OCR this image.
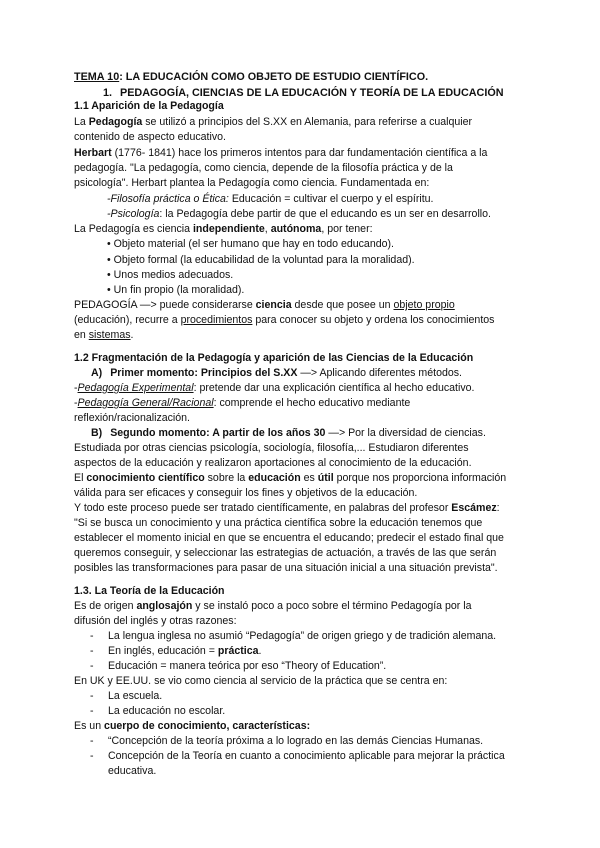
TEMA 10: LA EDUCACIÓN COMO OBJETO DE ESTUDIO CIENTÍFICO.
1. PEDAGOGÍA, CIENCIAS DE LA EDUCACIÓN Y TEORÍA DE LA EDUCACIÓN
1.1 Aparición de la Pedagogía
La Pedagogía se utilizó a principios del S.XX en Alemania, para referirse a cualquier
contenido de aspecto educativo.
Herbart (1776- 1841) hace los primeros intentos para dar fundamentación científica a la
pedagogía. "La pedagogía, como ciencia, depende de la filosofía práctica y de la
psicología". Herbart plantea la Pedagogía como ciencia. Fundamentada en:
-Filosofía práctica o Ética: Educación = cultivar el cuerpo y el espíritu.
-Psicología: la Pedagogía debe partir de que el educando es un ser en desarrollo.
La Pedagogía es ciencia independiente, autónoma, por tener:
• Objeto material (el ser humano que hay en todo educando).
• Objeto formal (la educabilidad de la voluntad para la moralidad).
• Unos medios adecuados.
• Un fin propio (la moralidad).
PEDAGOGÍA —> puede considerarse ciencia desde que posee un objeto propio
(educación), recurre a procedimientos para conocer su objeto y ordena los conocimientos
en sistemas.
1.2 Fragmentación de la Pedagogía y aparición de las Ciencias de la Educación
A) Primer momento: Principios del S.XX —> Aplicando diferentes métodos.
-Pedagogía Experimental: pretende dar una explicación científica al hecho educativo.
-Pedagogía General/Racional: comprende el hecho educativo mediante
reflexión/racionalización.
B) Segundo momento: A partir de los años 30 —> Por la diversidad de ciencias.
Estudiada por otras ciencias psicología, sociología, filosofía,... Estudiaron diferentes
aspectos de la educación y realizaron aportaciones al conocimiento de la educación.
El conocimiento científico sobre la educación es útil porque nos proporciona información
válida para ser eficaces y conseguir los fines y objetivos de la educación.
Y todo este proceso puede ser tratado científicamente, en palabras del profesor Escámez:
"Si se busca un conocimiento y una práctica científica sobre la educación tenemos que
establecer el momento inicial en que se encuentra el educando; predecir el estado final que
queremos conseguir, y seleccionar las estrategias de actuación, a través de las que serán
posibles las transformaciones para pasar de una situación inicial a una situación prevista".
1.3. La Teoría de la Educación
Es de origen anglosajón y se instaló poco a poco sobre el término Pedagogía por la
difusión del inglés y otras razones:
- La lengua inglesa no asumió “Pedagogía” de origen griego y de tradición alemana.
- En inglés, educación = práctica.
- Educación = manera teórica por eso “Theory of Education”.
En UK y EE.UU. se vio como ciencia al servicio de la práctica que se centra en:
- La escuela.
- La educación no escolar.
Es un cuerpo de conocimiento, características:
- “Concepción de la teoría próxima a lo logrado en las demás Ciencias Humanas.
- Concepción de la Teoría en cuanto a conocimiento aplicable para mejorar la práctica
educativa.
